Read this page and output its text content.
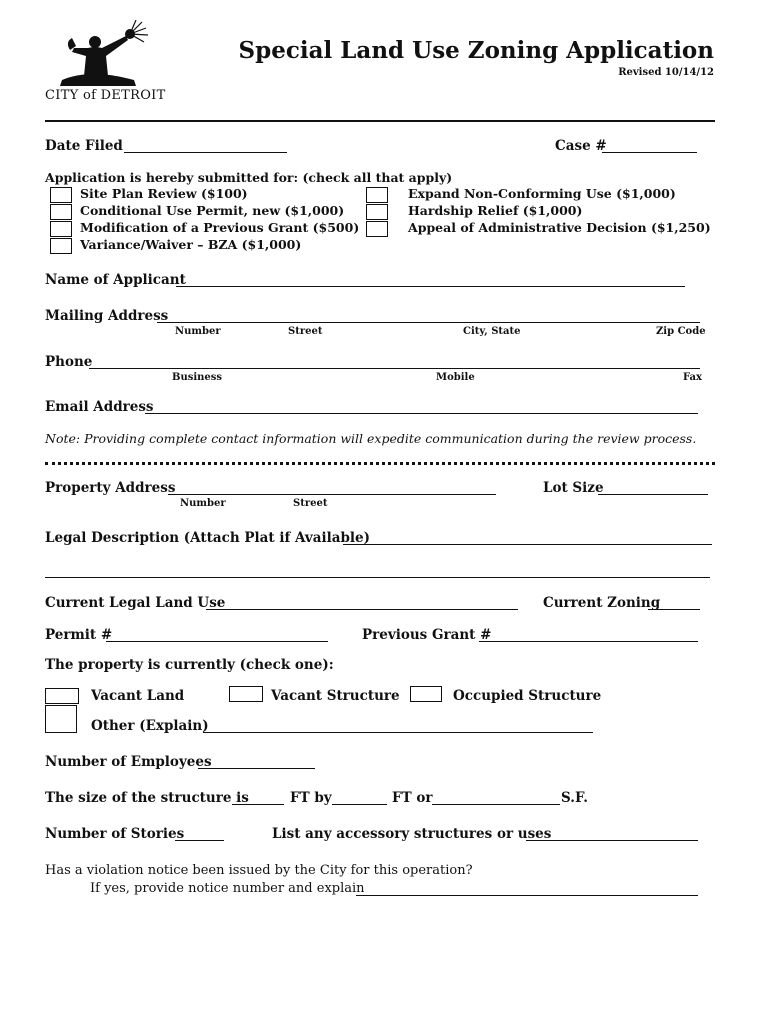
CITY of DETROIT
Special Land Use Zoning Application
Revised 10/14/12
Date Filed	Case #
Application is hereby submitted for: (check all that apply)
Site Plan Review ($100)
Conditional Use Permit, new ($1,000)
Modification of a Previous Grant ($500)
Variance/Waiver – BZA ($1,000)
Expand Non-Conforming Use ($1,000)
Hardship Relief ($1,000)
Appeal of Administrative Decision ($1,250)
Name of Applicant
Mailing Address
Number	Street	City, State	Zip Code
Phone
Business	Mobile	Fax
Email Address
Note: Providing complete contact information will expedite communication during the review process.
Property Address
Number	Street
Lot Size
Legal Description (Attach Plat if Available)
Current Legal Land Use	Current Zoning
Permit #	Previous Grant #
The property is currently (check one):
Vacant Land	Vacant Structure	Occupied Structure
Other (Explain)
Number of Employees
The size of the structure is	FT by	FT or	S.F.
Number of Stories	List any accessory structures or uses
Has a violation notice been issued by the City for this operation?
If yes, provide notice number and explain
